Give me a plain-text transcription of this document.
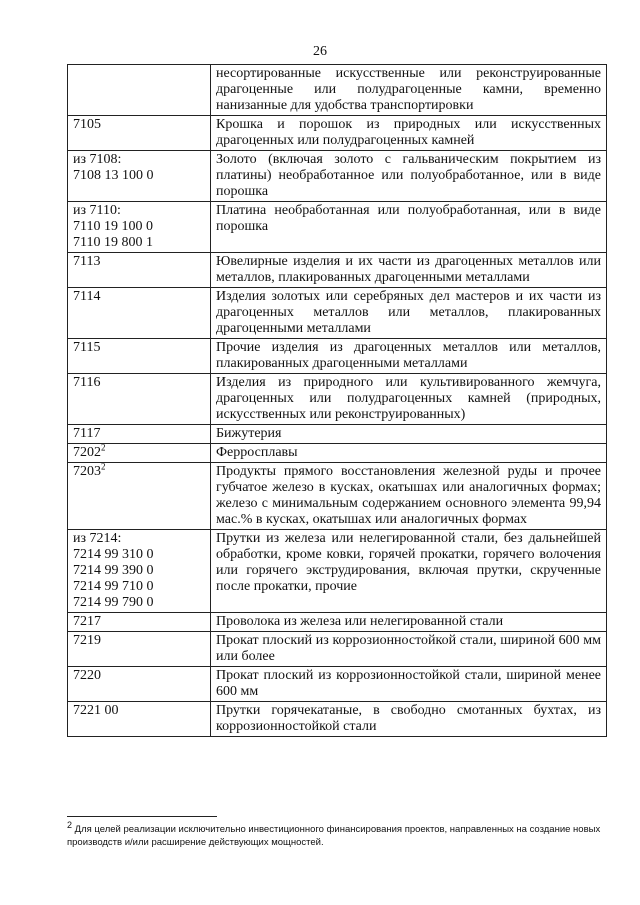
26
	несортированные искусственные или реконструированные драгоценные или полудрагоценные камни, временно нанизанные для удобства транспортировки

7105	Крошка и порошок из природных или искусственных драгоценных или полудрагоценных камней

из 7108:
7108 13 100 0	Золото (включая золото с гальваническим покрытием из платины) необработанное или полуобработанное, или в виде порошка

из 7110:
7110 19 100 0
7110 19 800 1	Платина необработанная или полуобработанная, или в виде порошка

7113	Ювелирные изделия и их части из драгоценных металлов или металлов, плакированных драгоценными металлами

7114	Изделия золотых или серебряных дел мастеров и их части из драгоценных металлов или металлов, плакированных драгоценными металлами

7115	Прочие изделия из драгоценных металлов или металлов, плакированных драгоценными металлами

7116	Изделия из природного или культивированного жемчуга, драгоценных или полудрагоценных камней (природных, искусственных или реконструированных)

7117	Бижутерия

7202$^2$	Ферросплавы

7203$^2$	Продукты прямого восстановления железной руды и прочее губчатое железо в кусках, окатышах или аналогичных формах; железо с минимальным содержанием основного элемента 99,94 мас.% в кусках, окатышах или аналогичных формах

из 7214:
7214 99 310 0
7214 99 390 0
7214 99 710 0
7214 99 790 0	Прутки из железа или нелегированной стали, без дальнейшей обработки, кроме ковки, горячей прокатки, горячего волочения или горячего экструдирования, включая прутки, скрученные после прокатки, прочие

7217	Проволока из железа или нелегированной стали

7219	Прокат плоский из коррозионностойкой стали, шириной 600 мм или более

7220	Прокат плоский из коррозионностойкой стали, шириной менее 600 мм

7221 00	Прутки горячекатаные, в свободно смотанных бухтах, из коррозионностойкой стали
$^2$ Для целей реализации исключительно инвестиционного финансирования проектов, направленных на создание новых производств и/или расширение действующих мощностей.
